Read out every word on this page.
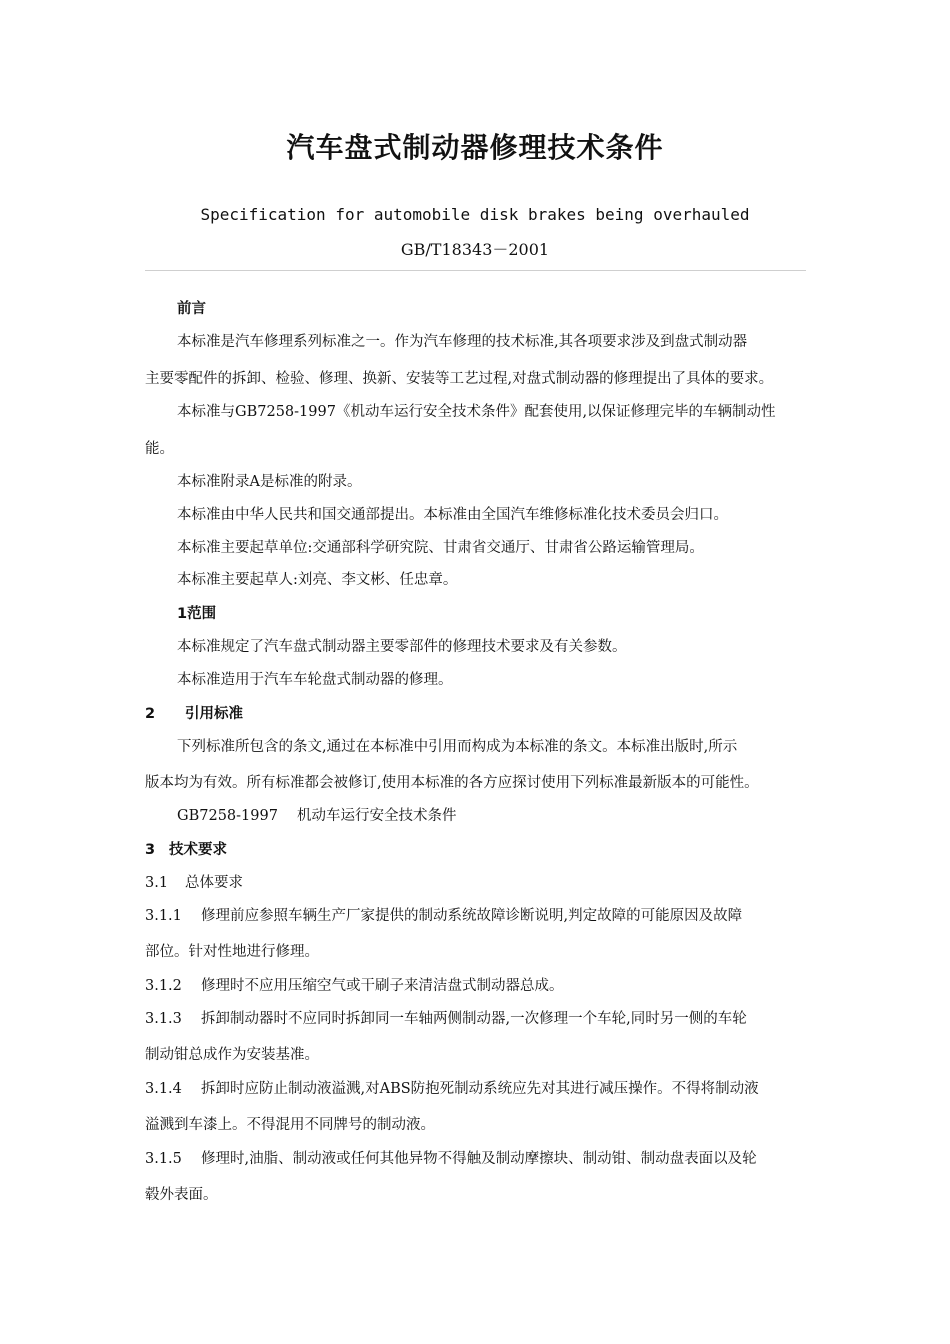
汽车盘式制动器修理技术条件
Specification for automobile disk brakes being overhauled
GB/T18343－2001
前言
本标准是汽车修理系列标准之一。作为汽车修理的技术标准,其各项要求涉及到盘式制动器
主要零配件的拆卸、检验、修理、换新、安装等工艺过程,对盘式制动器的修理提出了具体的要求。
本标准与GB7258-1997《机动车运行安全技术条件》配套使用,以保证修理完毕的车辆制动性
能。
本标准附录A是标准的附录。
本标准由中华人民共和国交通部提出。本标准由全国汽车维修标准化技术委员会归口。
本标准主要起草单位:交通部科学研究院、甘肃省交通厅、甘肃省公路运输管理局。
本标准主要起草人:刘亮、李文彬、任忠章。
1范围
本标准规定了汽车盘式制动器主要零部件的修理技术要求及有关参数。
本标准造用于汽车车轮盘式制动器的修理。
2 引用标准
下列标准所包含的条文,通过在本标准中引用而构成为本标准的条文。本标准出版时,所示
版本均为有效。所有标准都会被修订,使用本标准的各方应探讨使用下列标准最新版本的可能性。
GB7258-1997 机动车运行安全技术条件
3 技术要求
3.1 总体要求
3.1.1 修理前应参照车辆生产厂家提供的制动系统故障诊断说明,判定故障的可能原因及故障
部位。针对性地进行修理。
3.1.2 修理时不应用压缩空气或干刷子来清洁盘式制动器总成。
3.1.3 拆卸制动器时不应同时拆卸同一车轴两侧制动器,一次修理一个车轮,同时另一侧的车轮
制动钳总成作为安装基准。
3.1.4 拆卸时应防止制动液溢溅,对ABS防抱死制动系统应先对其进行减压操作。不得将制动液
溢溅到车漆上。不得混用不同牌号的制动液。
3.1.5 修理时,油脂、制动液或任何其他异物不得触及制动摩擦块、制动钳、制动盘表面以及轮
毂外表面。
